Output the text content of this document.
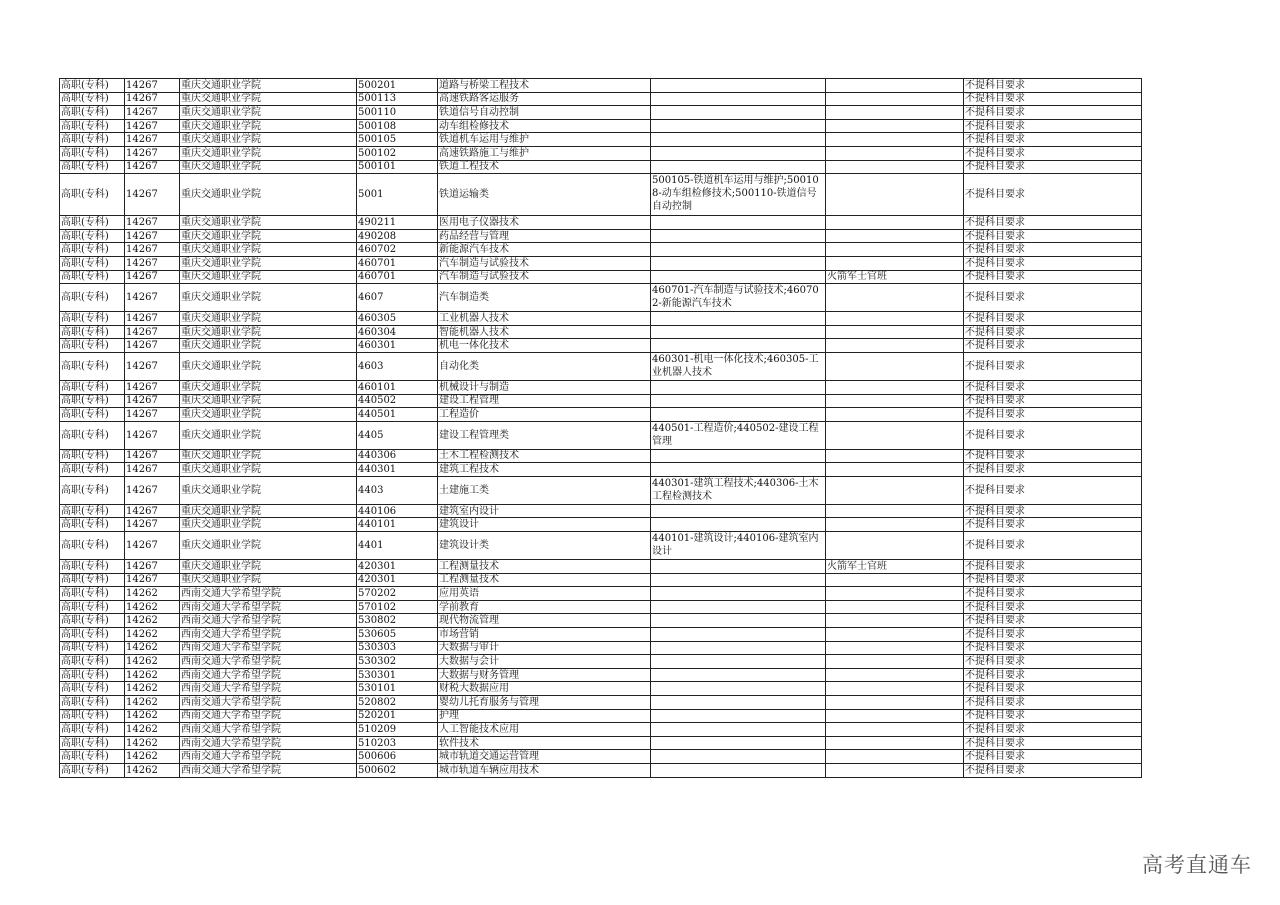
高职(专科)	14267	重庆交通职业学院	500201	道路与桥梁工程技术			不提科目要求
高职(专科)	14267	重庆交通职业学院	500113	高速铁路客运服务			不提科目要求
高职(专科)	14267	重庆交通职业学院	500110	铁道信号自动控制			不提科目要求
高职(专科)	14267	重庆交通职业学院	500108	动车组检修技术			不提科目要求
高职(专科)	14267	重庆交通职业学院	500105	铁道机车运用与维护			不提科目要求
高职(专科)	14267	重庆交通职业学院	500102	高速铁路施工与维护			不提科目要求
高职(专科)	14267	重庆交通职业学院	500101	铁道工程技术			不提科目要求
高职(专科)	14267	重庆交通职业学院	5001	铁道运输类	500105-铁道机车运用与维护;500108-动车组检修技术;500110-铁道信号自动控制		不提科目要求
高职(专科)	14267	重庆交通职业学院	490211	医用电子仪器技术			不提科目要求
高职(专科)	14267	重庆交通职业学院	490208	药品经营与管理			不提科目要求
高职(专科)	14267	重庆交通职业学院	460702	新能源汽车技术			不提科目要求
高职(专科)	14267	重庆交通职业学院	460701	汽车制造与试验技术			不提科目要求
高职(专科)	14267	重庆交通职业学院	460701	汽车制造与试验技术		火箭军士官班	不提科目要求
高职(专科)	14267	重庆交通职业学院	4607	汽车制造类	460701-汽车制造与试验技术;460702-新能源汽车技术		不提科目要求
高职(专科)	14267	重庆交通职业学院	460305	工业机器人技术			不提科目要求
高职(专科)	14267	重庆交通职业学院	460304	智能机器人技术			不提科目要求
高职(专科)	14267	重庆交通职业学院	460301	机电一体化技术			不提科目要求
高职(专科)	14267	重庆交通职业学院	4603	自动化类	460301-机电一体化技术;460305-工业机器人技术		不提科目要求
高职(专科)	14267	重庆交通职业学院	460101	机械设计与制造			不提科目要求
高职(专科)	14267	重庆交通职业学院	440502	建设工程管理			不提科目要求
高职(专科)	14267	重庆交通职业学院	440501	工程造价			不提科目要求
高职(专科)	14267	重庆交通职业学院	4405	建设工程管理类	440501-工程造价;440502-建设工程管理		不提科目要求
高职(专科)	14267	重庆交通职业学院	440306	土木工程检测技术			不提科目要求
高职(专科)	14267	重庆交通职业学院	440301	建筑工程技术			不提科目要求
高职(专科)	14267	重庆交通职业学院	4403	土建施工类	440301-建筑工程技术;440306-土木工程检测技术		不提科目要求
高职(专科)	14267	重庆交通职业学院	440106	建筑室内设计			不提科目要求
高职(专科)	14267	重庆交通职业学院	440101	建筑设计			不提科目要求
高职(专科)	14267	重庆交通职业学院	4401	建筑设计类	440101-建筑设计;440106-建筑室内设计		不提科目要求
高职(专科)	14267	重庆交通职业学院	420301	工程测量技术		火箭军士官班	不提科目要求
高职(专科)	14267	重庆交通职业学院	420301	工程测量技术			不提科目要求
高职(专科)	14262	西南交通大学希望学院	570202	应用英语			不提科目要求
高职(专科)	14262	西南交通大学希望学院	570102	学前教育			不提科目要求
高职(专科)	14262	西南交通大学希望学院	530802	现代物流管理			不提科目要求
高职(专科)	14262	西南交通大学希望学院	530605	市场营销			不提科目要求
高职(专科)	14262	西南交通大学希望学院	530303	大数据与审计			不提科目要求
高职(专科)	14262	西南交通大学希望学院	530302	大数据与会计			不提科目要求
高职(专科)	14262	西南交通大学希望学院	530301	大数据与财务管理			不提科目要求
高职(专科)	14262	西南交通大学希望学院	530101	财税大数据应用			不提科目要求
高职(专科)	14262	西南交通大学希望学院	520802	婴幼儿托育服务与管理			不提科目要求
高职(专科)	14262	西南交通大学希望学院	520201	护理			不提科目要求
高职(专科)	14262	西南交通大学希望学院	510209	人工智能技术应用			不提科目要求
高职(专科)	14262	西南交通大学希望学院	510203	软件技术			不提科目要求
高职(专科)	14262	西南交通大学希望学院	500606	城市轨道交通运营管理			不提科目要求
高职(专科)	14262	西南交通大学希望学院	500602	城市轨道车辆应用技术			不提科目要求
高考直通车
